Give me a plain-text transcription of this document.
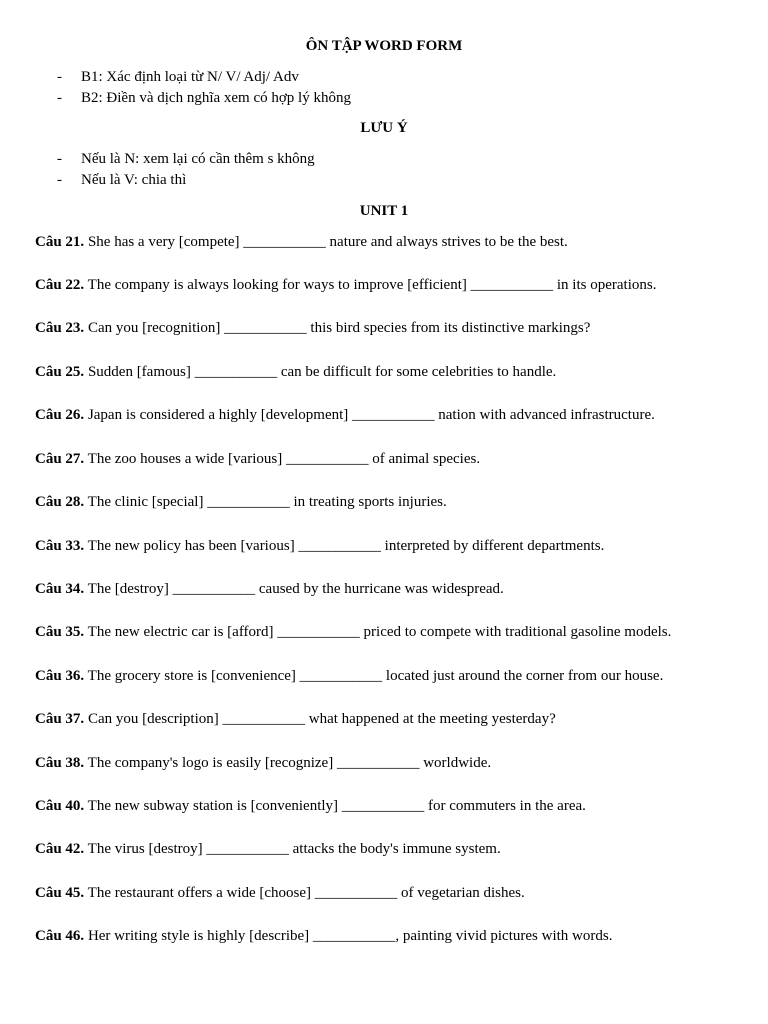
ÔN TẬP WORD FORM
- B1: Xác định loại từ N/ V/ Adj/ Adv
- B2: Điền và dịch nghĩa xem có hợp lý không
LƯU Ý
- Nếu là N: xem lại có cần thêm s không
- Nếu là V: chia thì
UNIT 1
Câu 21. She has a very [compete] ___________ nature and always strives to be the best.
Câu 22. The company is always looking for ways to improve [efficient] ___________ in its operations.
Câu 23. Can you [recognition] ___________ this bird species from its distinctive markings?
Câu 25. Sudden [famous] ___________ can be difficult for some celebrities to handle.
Câu 26. Japan is considered a highly [development] ___________ nation with advanced infrastructure.
Câu 27. The zoo houses a wide [various] ___________ of animal species.
Câu 28. The clinic [special] ___________ in treating sports injuries.
Câu 33. The new policy has been [various] ___________ interpreted by different departments.
Câu 34. The [destroy] ___________ caused by the hurricane was widespread.
Câu 35. The new electric car is [afford] ___________ priced to compete with traditional gasoline models.
Câu 36. The grocery store is [convenience] ___________ located just around the corner from our house.
Câu 37. Can you [description] ___________ what happened at the meeting yesterday?
Câu 38. The company's logo is easily [recognize] ___________ worldwide.
Câu 40. The new subway station is [conveniently] ___________ for commuters in the area.
Câu 42. The virus [destroy] ___________ attacks the body's immune system.
Câu 45. The restaurant offers a wide [choose] ___________ of vegetarian dishes.
Câu 46. Her writing style is highly [describe] ___________, painting vivid pictures with words.
